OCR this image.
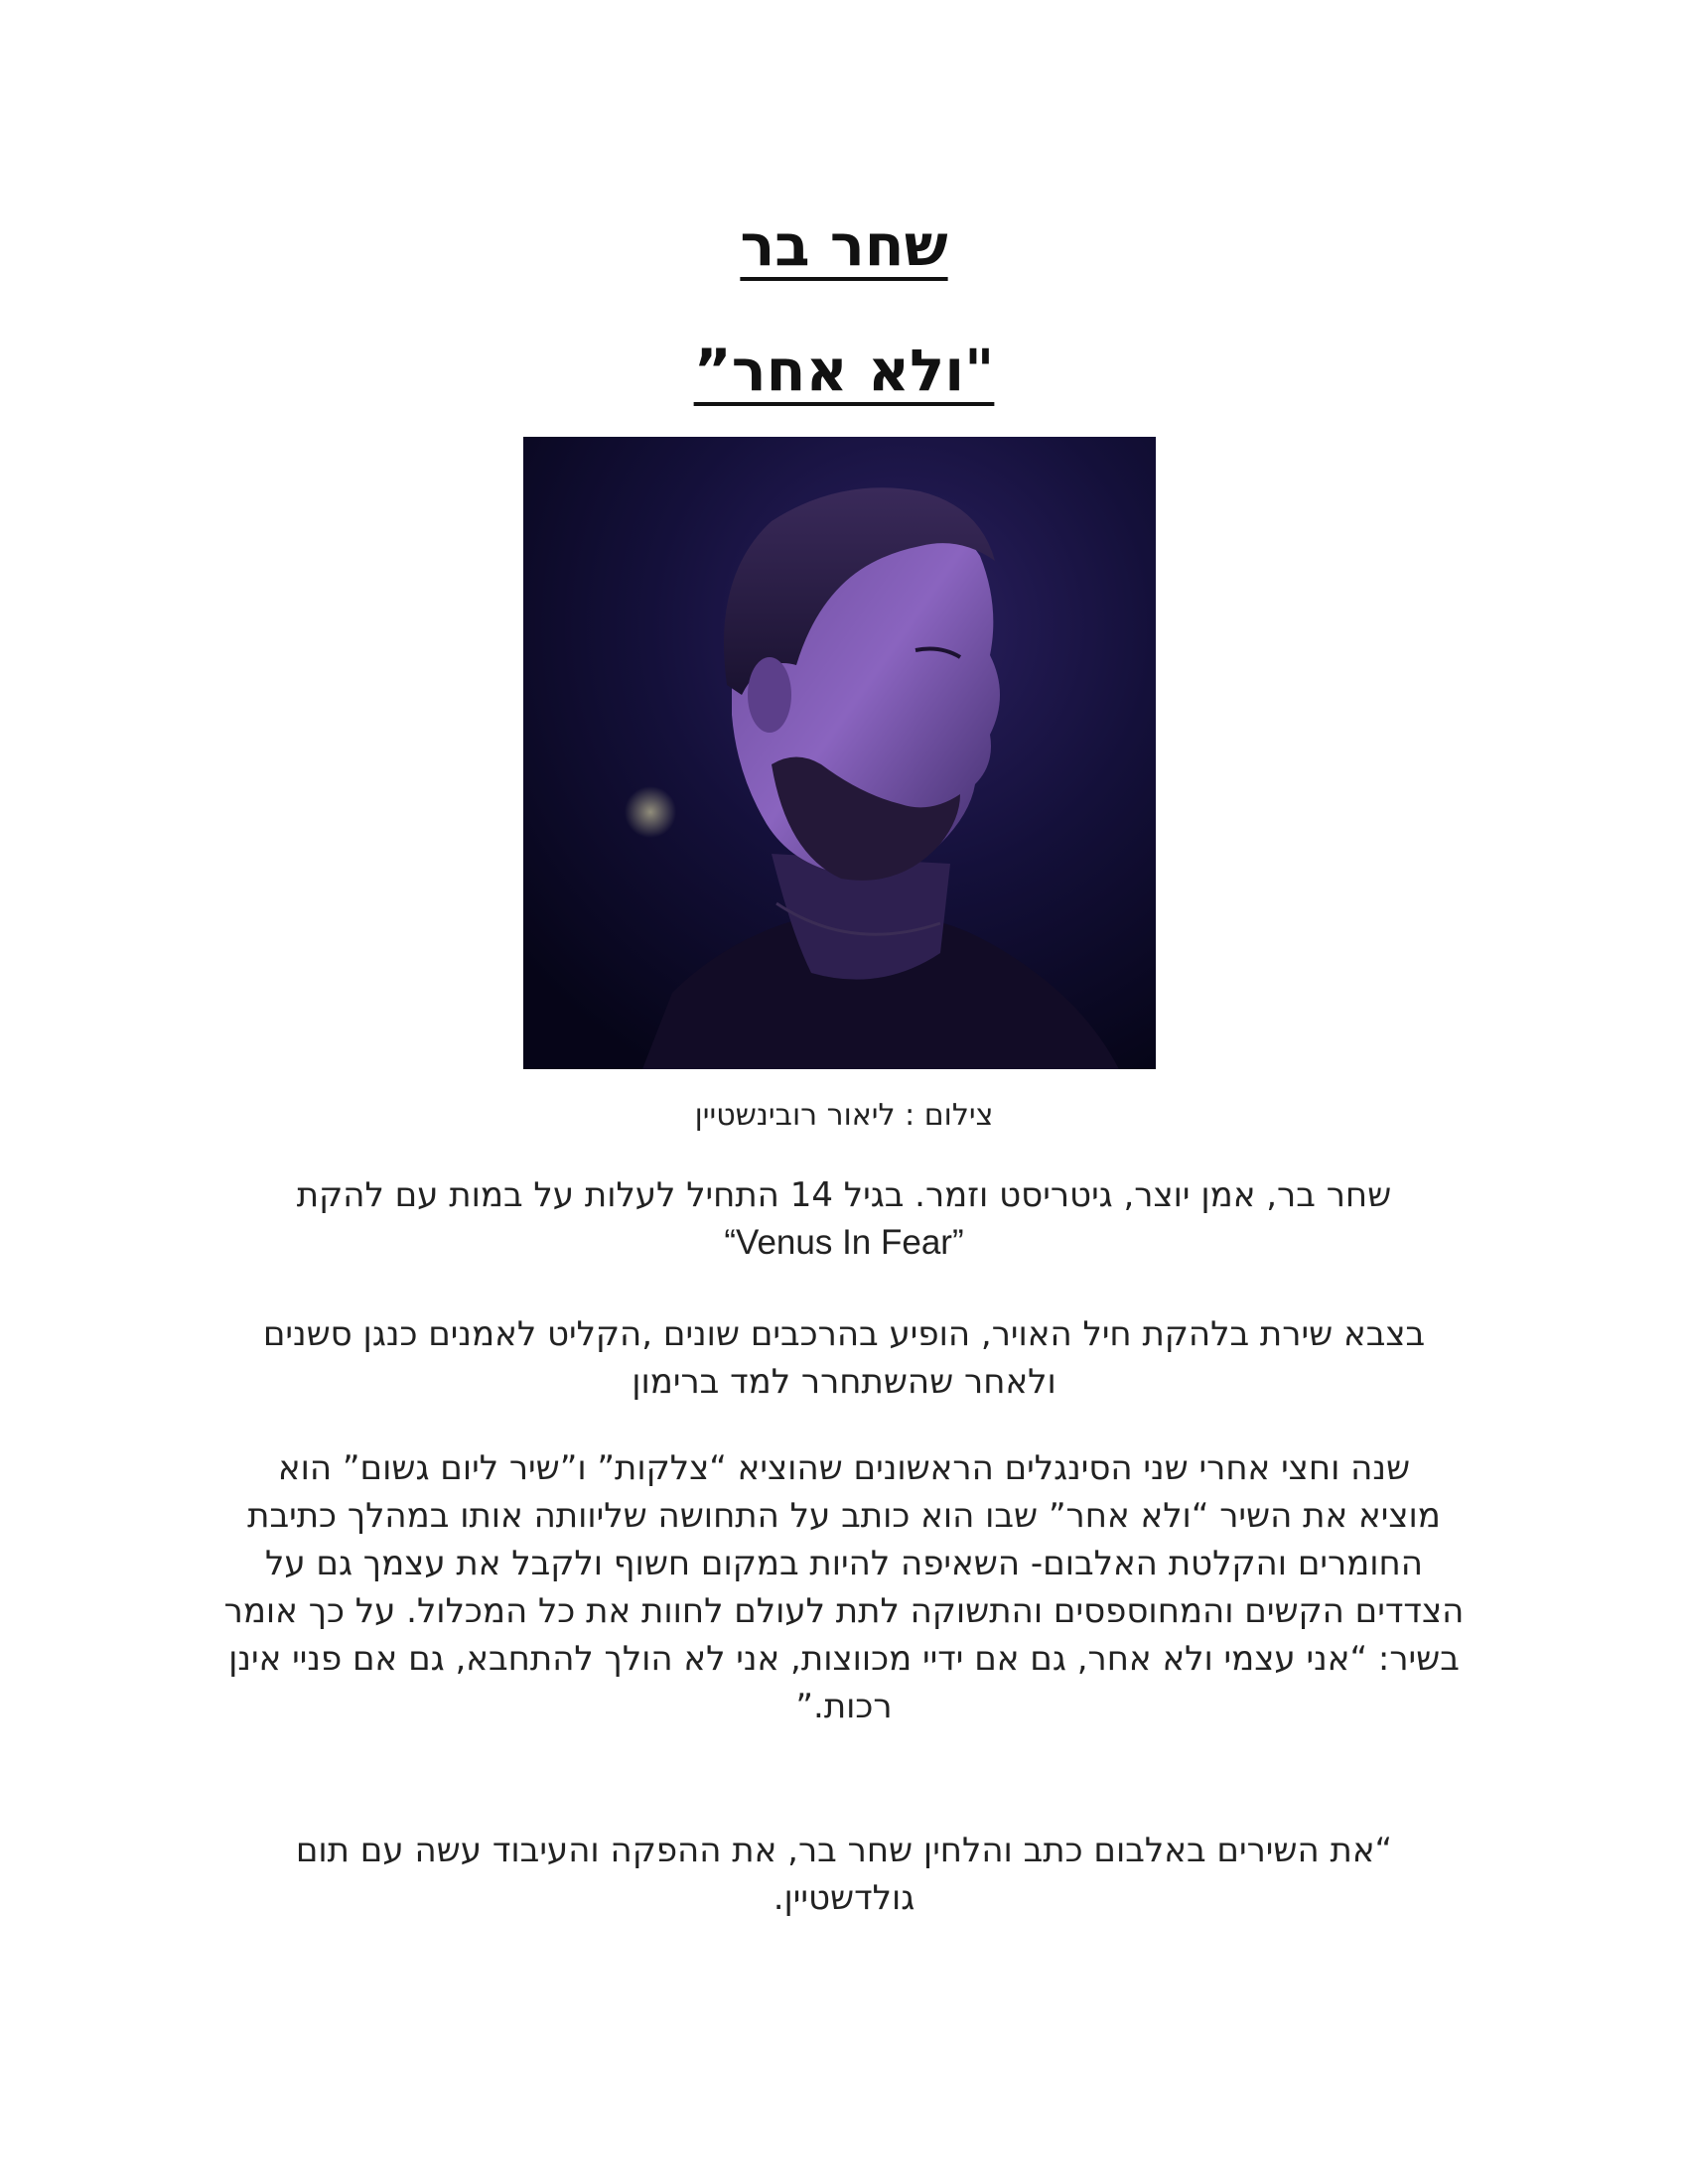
שחר בר
"ולא אחר”
צילום : ליאור רובינשטיין
שחר בר, אמן יוצר, גיטריסט וזמר. בגיל 14 התחיל לעלות על במות עם להקת
“Venus In Fear”
בצבא שירת בלהקת חיל האויר, הופיע בהרכבים שונים ,הקליט לאמנים כנגן סשנים
ולאחר שהשתחרר למד ברימון
שנה וחצי אחרי שני הסינגלים הראשונים שהוציא “צלקות” ו”שיר ליום גשום” הוא
מוציא את השיר “ולא אחר” שבו הוא כותב על התחושה שליוותה אותו במהלך כתיבת
החומרים והקלטת האלבום- השאיפה להיות במקום חשוף ולקבל את עצמך גם על
הצדדים הקשים והמחוספסים והתשוקה לתת לעולם לחוות את כל המכלול. על כך אומר
בשיר: “אני עצמי ולא אחר, גם אם ידיי מכווצות, אני לא הולך להתחבא, גם אם פניי אינן
רכות.”
“את השירים באלבום כתב והלחין שחר בר, את ההפקה והעיבוד עשה עם תום
גולדשטיין.
